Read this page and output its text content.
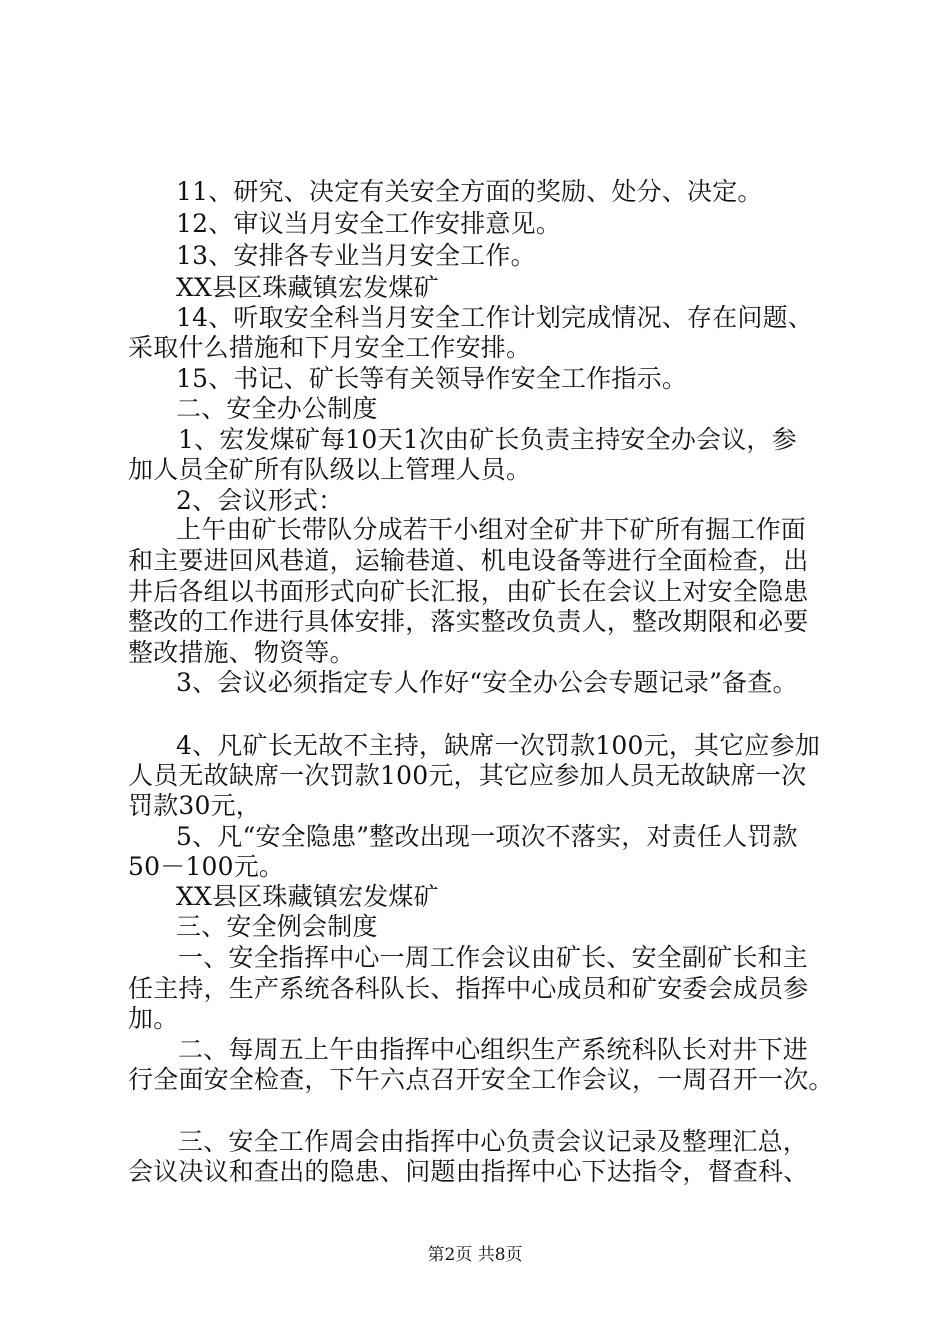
11、研究、决定有关安全方面的奖励、处分、决定。
12、审议当月安全工作安排意见。
13、安排各专业当月安全工作。
XX县区珠藏镇宏发煤矿
14、听取安全科当月安全工作计划完成情况、存在问题、
采取什么措施和下月安全工作安排。
15、书记、矿长等有关领导作安全工作指示。
二、安全办公制度
1、宏发煤矿每10天1次由矿长负责主持安全办会议，参
加人员全矿所有队级以上管理人员。
2、会议形式：
上午由矿长带队分成若干小组对全矿井下矿所有掘工作面
和主要进回风巷道，运输巷道、机电设备等进行全面检查，出
井后各组以书面形式向矿长汇报，由矿长在会议上对安全隐患
整改的工作进行具体安排，落实整改负责人，整改期限和必要
整改措施、物资等。
3、会议必须指定专人作好“安全办公会专题记录”备查。
4、凡矿长无故不主持，缺席一次罚款100元，其它应参加
人员无故缺席一次罚款100元，其它应参加人员无故缺席一次
罚款30元，
5、凡“安全隐患”整改出现一项次不落实，对责任人罚款
50－100元。
XX县区珠藏镇宏发煤矿
三、安全例会制度
一、安全指挥中心一周工作会议由矿长、安全副矿长和主
任主持，生产系统各科队长、指挥中心成员和矿安委会成员参
加。
二、每周五上午由指挥中心组织生产系统科队长对井下进
行全面安全检查，下午六点召开安全工作会议，一周召开一次。
三、安全工作周会由指挥中心负责会议记录及整理汇总，
会议决议和查出的隐患、问题由指挥中心下达指令，督查科、
第2页 共8页
